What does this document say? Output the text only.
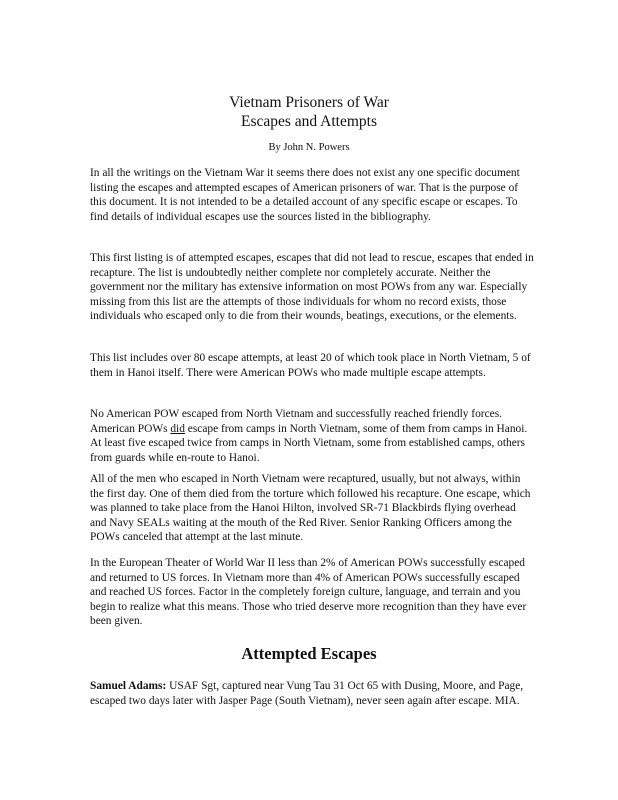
Vietnam Prisoners of War
Escapes and Attempts
By John N. Powers

In all the writings on the Vietnam War it seems there does not exist any one specific document listing the escapes and attempted escapes of American prisoners of war. That is the purpose of this document. It is not intended to be a detailed account of any specific escape or escapes. To find details of individual escapes use the sources listed in the bibliography.

This first listing is of attempted escapes, escapes that did not lead to rescue, escapes that ended in recapture. The list is undoubtedly neither complete nor completely accurate. Neither the government nor the military has extensive information on most POWs from any war. Especially missing from this list are the attempts of those individuals for whom no record exists, those individuals who escaped only to die from their wounds, beatings, executions, or the elements.

This list includes over 80 escape attempts, at least 20 of which took place in North Vietnam, 5 of them in Hanoi itself. There were American POWs who made multiple escape attempts.

No American POW escaped from North Vietnam and successfully reached friendly forces. American POWs did escape from camps in North Vietnam, some of them from camps in Hanoi. At least five escaped twice from camps in North Vietnam, some from established camps, others from guards while en-route to Hanoi.

All of the men who escaped in North Vietnam were recaptured, usually, but not always, within the first day. One of them died from the torture which followed his recapture. One escape, which was planned to take place from the Hanoi Hilton, involved SR-71 Blackbirds flying overhead and Navy SEALs waiting at the mouth of the Red River. Senior Ranking Officers among the POWs canceled that attempt at the last minute.

In the European Theater of World War II less than 2% of American POWs successfully escaped and returned to US forces. In Vietnam more than 4% of American POWs successfully escaped and reached US forces. Factor in the completely foreign culture, language, and terrain and you begin to realize what this means. Those who tried deserve more recognition than they have ever been given.

Attempted Escapes

Samuel Adams: USAF Sgt, captured near Vung Tau 31 Oct 65 with Dusing, Moore, and Page, escaped two days later with Jasper Page (South Vietnam), never seen again after escape. MIA.
